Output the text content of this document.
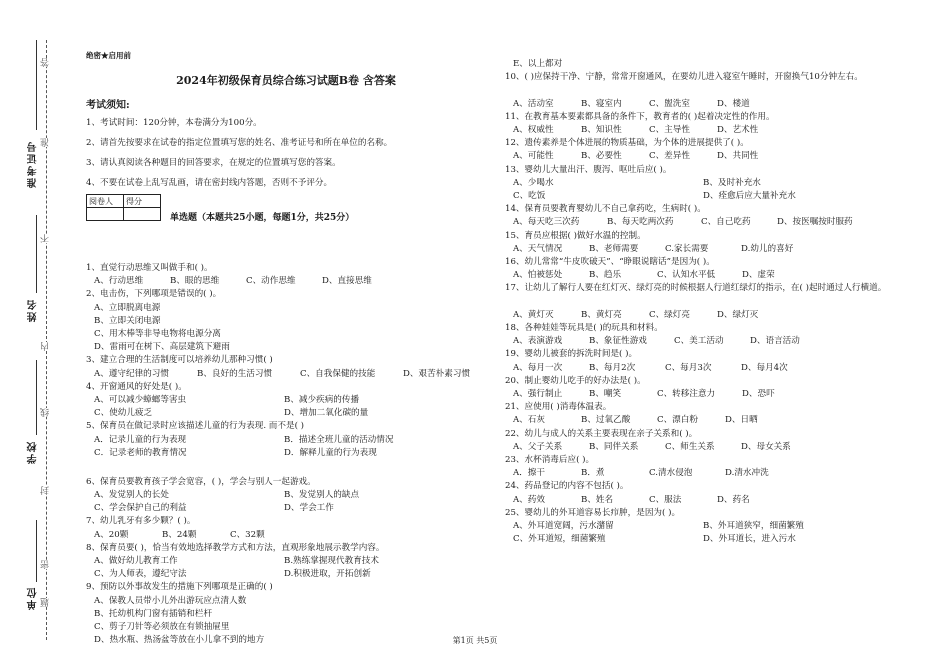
准考证号
姓名
学校
单位
答
准
不
内
线
封
密
题
绝密★启用前
2024年初级保育员综合练习试题B卷 含答案
考试须知:
1、考试时间：120分钟，本卷满分为100分。
2、请首先按要求在试卷的指定位置填写您的姓名、准考证号和所在单位的名称。
3、请认真阅读各种题目的回答要求，在规定的位置填写您的答案。
4、不要在试卷上乱写乱画，请在密封线内答题，否则不予评分。
阅卷人	得分

单选题（本题共25小题，每题1分，共25分）
1、直觉行动思维又叫做手和( )。
A、行动思维	B、眼的思维	C、动作思维	D、直接思维
2、电击伤，下列哪项是错误的( )。
A、立即脱离电源
B、立即关闭电源
C、用木棒等非导电物将电源分离
D、雷雨可在树下、高层建筑下避雨
3、建立合理的生活制度可以培养幼儿那种习惯( )
A、遵守纪律的习惯	B、良好的生活习惯	C、自我保健的技能	D、艰苦朴素习惯
4、开窗通风的好处是( )。
A、可以减少蟑螂等害虫	B、减少疾病的传播
C、使幼儿疲乏	D、增加二氧化碳的量
5、保育员在做记录时应该描述儿童的行为表现. 而不是( )
A．记录儿童的行为表现	B．描述全班儿童的活动情况
C．记录老师的教育情况	D．解释儿童的行为表现
6、保育员要教育孩子学会宽容，( )，学会与别人一起游戏。
A、发觉别人的长处	B、发觉别人的缺点
C、学会保护自己的利益	D、学会工作
7、幼儿乳牙有多少颗？( )。
A、20颗	B、24颗	C、32颗
8、保育员要( )，恰当有效地选择教学方式和方法，直观形象地展示教学内容。
A、做好幼儿教育工作	B.熟练掌握现代教育技术
C、为人师表，遵纪守法	D.积极进取，开拓创新
9、预防以外事故发生的措施下列哪项是正确的( )
A、保教人员带小儿外出游玩应点清人数
B、托幼机构门窗有插销和栏杆
C、剪子刀针等必须放在有锁抽屉里
D、热水瓶、热汤盆等放在小儿拿不到的地方
E、以上都对
10、( )应保持干净、宁静，常常开窗通风，在要幼儿进入寝室午睡时，开窗换气10分钟左右。
A、活动室	B、寝室内	C、盥洗室	D、楼道
11、在教育基本要素都具备的条件下，教育者的( )起着决定性的作用。
A、权威性	B、知识性	C、主导性	D、艺术性
12、遗传素养是个体进展的物质基础，为个体的进展提供了( )。
A、可能性	B、必要性	C、差异性	D、共同性
13、婴幼儿大量出汗、腹泻、呕吐后应( )。
A、少喝水	B、及时补充水
C、吃饭	D、痊愈后应大量补充水
14、保育员要教育婴幼儿不自己拿药吃，生病时( )。
A、每天吃三次药	B、每天吃两次药	C、自己吃药	D、按医嘱按时服药
15、育员应根据( )做好水温的控制。
A、天气情况	B、老师需要	C.家长需要	D.幼儿的喜好
16、幼儿常常“牛皮吹破天”、“睁眼说瞎话”是因为( )。
A、怕被惩处	B、趋乐	C、认知水平低	D、虚荣
17、让幼儿了解行人要在红灯灭、绿灯亮的时候根据人行道红绿灯的指示，在( )起时通过人行横道。
A、黄灯灭	B、黄灯亮	C、绿灯亮	D、绿灯灭
18、各种娃娃等玩具是( )的玩具和材料。
A、表演游戏	B、象征性游戏	C、美工活动	D、语言活动
19、婴幼儿被套的拆洗时间是( )。
A、每月一次	B、每月2次	C、每月3次	D、每月4次
20、制止婴幼儿吃手的好办法是( )。
A、强行制止	B、嘲笑	C、转移注意力	D、恐吓
21、应使用( )消毒体温表。
A、石灰	B、过氧乙酸	C、漂白粉	D、日晒
22、幼儿与成人的关系主要表现在亲子关系和( )。
A、父子关系	B、同伴关系	C、师生关系	D、母女关系
23、水杯消毒后应( )。
A．擦干	B．煮	C.清水侵泡	D.清水冲洗
24、药品登记的内容不包括( )。
A、药效	B、姓名	C、服法	D、药名
25、婴幼儿的外耳道容易长疖肿，是因为( )。
A、外耳道宽阔，污水潴留	B、外耳道狭窄，细菌繁殖
C、外耳道短，细菌繁殖	D、外耳道长，进入污水
第1页 共5页
